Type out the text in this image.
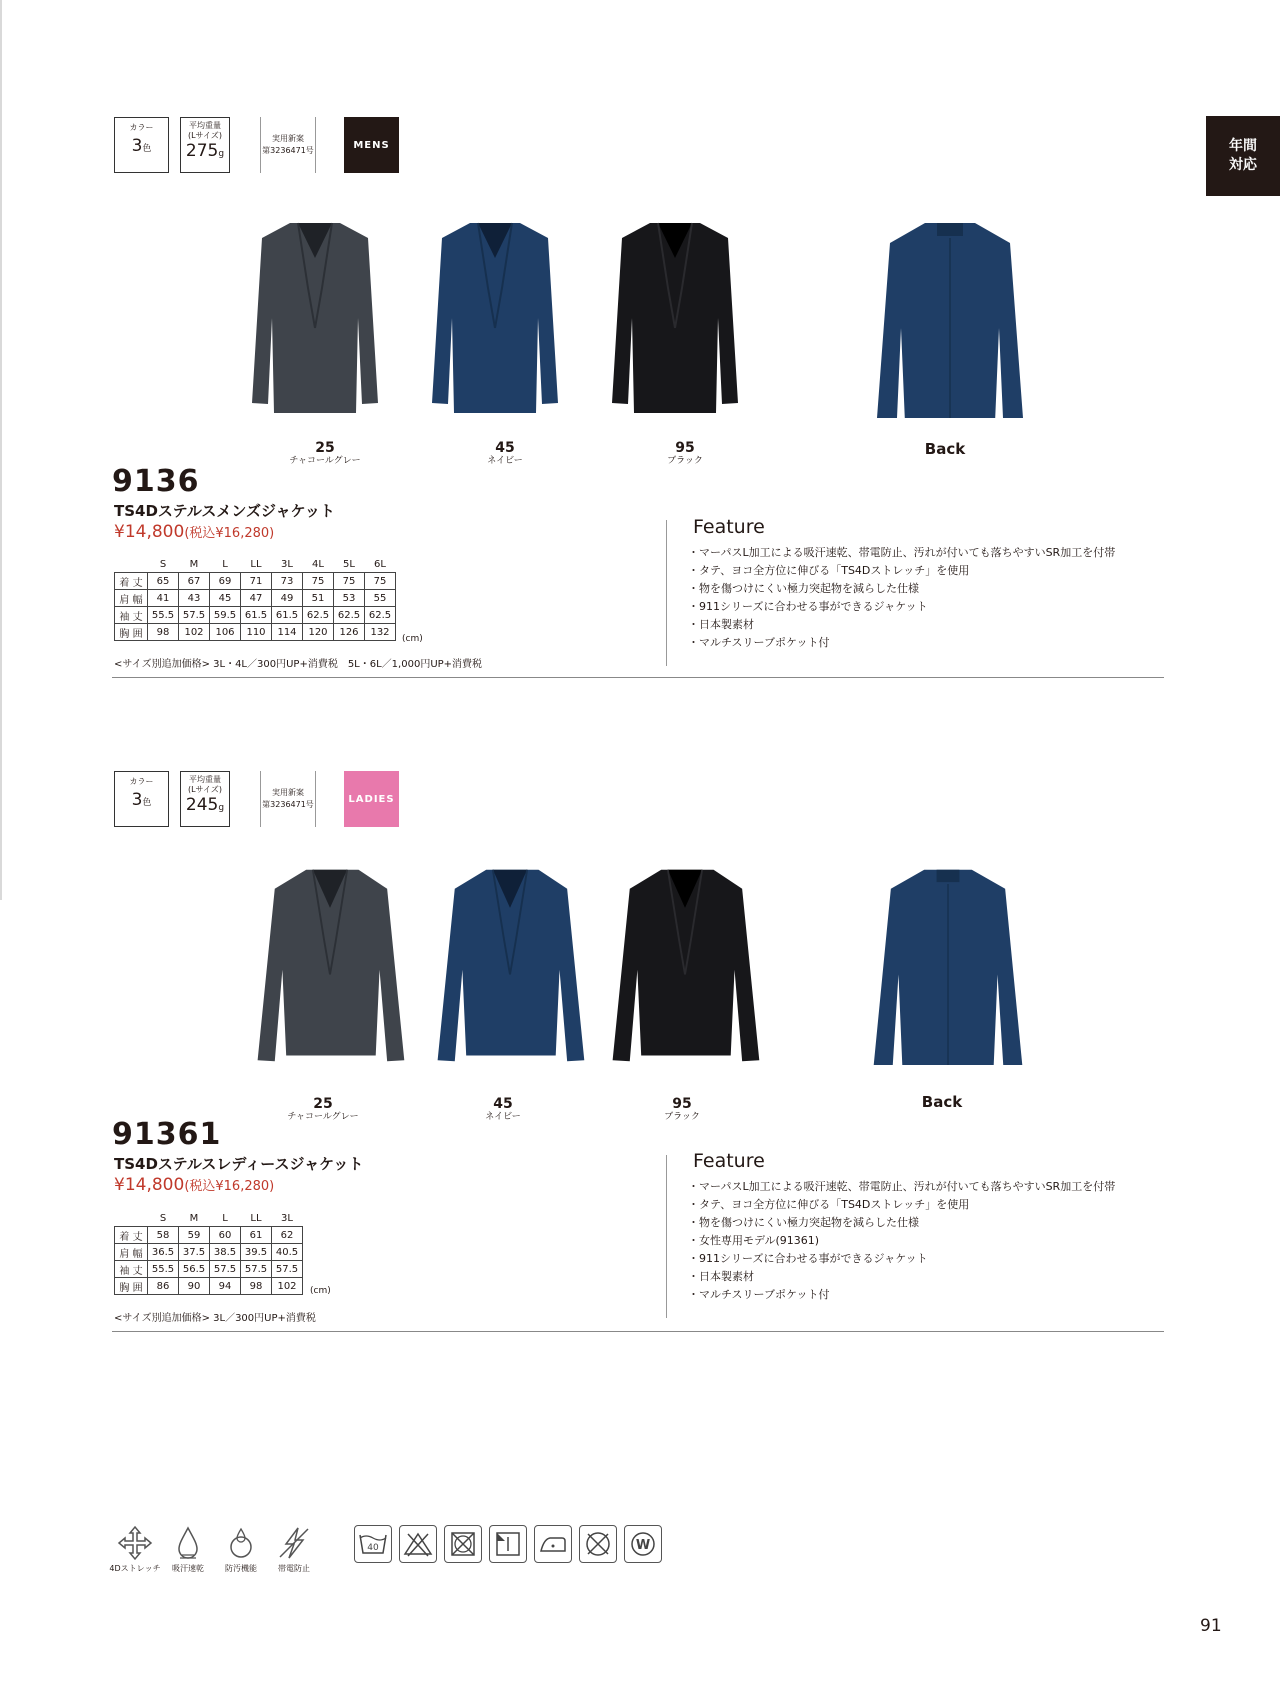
年間
対応
カラー
3色
平均重量
(Lサイズ)
275g
実用新案
第3236471号	MENS
25
チャコールグレー
45
ネイビー
95
ブラック
Back
9136
TS4Dステルスメンズジャケット
¥14,800(税込¥16,280)
	S	M	L	LL	3L	4L	5L	6L
着 丈	65	67	69	71	73	75	75	75
肩 幅	41	43	45	47	49	51	53	55
袖 丈	55.5	57.5	59.5	61.5	61.5	62.5	62.5	62.5
胸 囲	98	102	106	110	114	120	126	132
(cm)
<サイズ別追加価格> 3L・4L／300円UP+消費税　5L・6L／1,000円UP+消費税
Feature
・マーパスL加工による吸汗速乾、帯電防止、汚れが付いても落ちやすいSR加工を付帯
・タテ、ヨコ全方位に伸びる「TS4Dストレッチ」を使用
・物を傷つけにくい極力突起物を減らした仕様
・911シリーズに合わせる事ができるジャケット
・日本製素材
・マルチスリーブポケット付
カラー
3色
平均重量
(Lサイズ)
245g
実用新案
第3236471号	LADIES
25
チャコールグレー
45
ネイビー
95
ブラック
Back
91361
TS4Dステルスレディースジャケット
¥14,800(税込¥16,280)
	S	M	L	LL	3L
着 丈	58	59	60	61	62
肩 幅	36.5	37.5	38.5	39.5	40.5
袖 丈	55.5	56.5	57.5	57.5	57.5
胸 囲	86	90	94	98	102 (cm)
<サイズ別追加価格> 3L／300円UP+消費税
Feature
・マーパスL加工による吸汗速乾、帯電防止、汚れが付いても落ちやすいSR加工を付帯
・タテ、ヨコ全方位に伸びる「TS4Dストレッチ」を使用
・物を傷つけにくい極力突起物を減らした仕様
・女性専用モデル(91361)
・911シリーズに合わせる事ができるジャケット
・日本製素材
・マルチスリーブポケット付
4Dストレッチ	吸汗速乾	防汚機能	帯電防止
40	W
91
